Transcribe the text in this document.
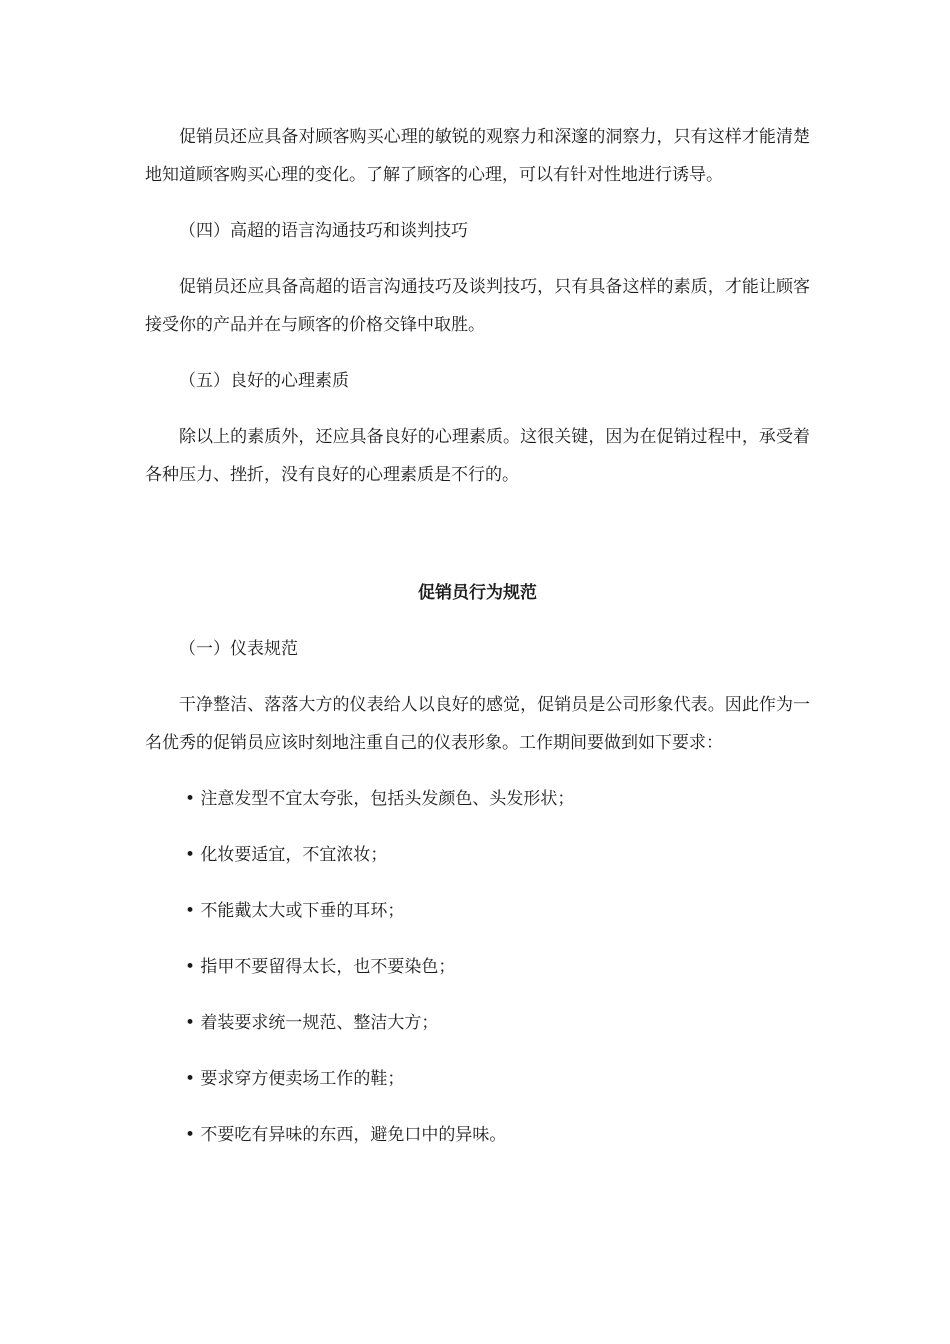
促销员还应具备对顾客购买心理的敏锐的观察力和深邃的洞察力，只有这样才能清楚地知道顾客购买心理的变化。了解了顾客的心理，可以有针对性地进行诱导。

（四）高超的语言沟通技巧和谈判技巧

促销员还应具备高超的语言沟通技巧及谈判技巧，只有具备这样的素质，才能让顾客接受你的产品并在与顾客的价格交锋中取胜。

（五）良好的心理素质

除以上的素质外，还应具备良好的心理素质。这很关键，因为在促销过程中，承受着各种压力、挫折，没有良好的心理素质是不行的。

促销员行为规范

（一）仪表规范

干净整洁、落落大方的仪表给人以良好的感觉，促销员是公司形象代表。因此作为一名优秀的促销员应该时刻地注重自己的仪表形象。工作期间要做到如下要求：

• 注意发型不宜太夸张，包括头发颜色、头发形状；

• 化妆要适宜，不宜浓妆；

• 不能戴太大或下垂的耳环；

• 指甲不要留得太长，也不要染色；

• 着装要求统一规范、整洁大方；

• 要求穿方便卖场工作的鞋；

• 不要吃有异味的东西，避免口中的异味。
